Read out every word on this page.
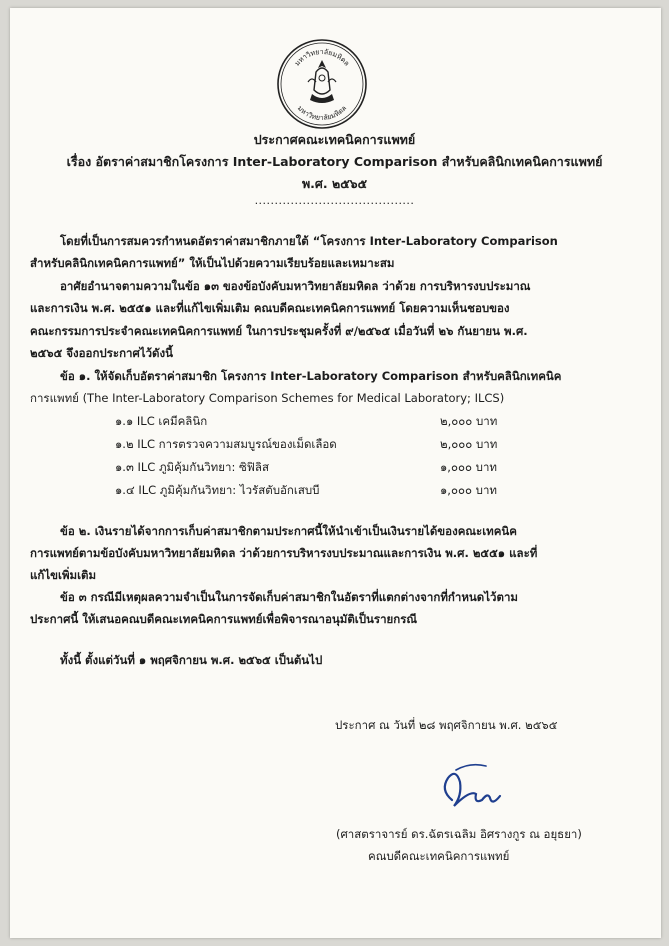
มหาวิทยาลัยมหิดล
มหาวิทยาลัยมหิดล
ประกาศคณะเทคนิคการแพทย์
เรื่อง อัตราค่าสมาชิกโครงการ Inter-Laboratory Comparison สำหรับคลินิกเทคนิคการแพทย์
พ.ศ. ๒๕๖๕
........................................
โดยที่เป็นการสมควรกำหนดอัตราค่าสมาชิกภายใต้ “โครงการ Inter-Laboratory Comparison
สำหรับคลินิกเทคนิคการแพทย์” ให้เป็นไปด้วยความเรียบร้อยและเหมาะสม
อาศัยอำนาจตามความในข้อ ๑๓ ของข้อบังคับมหาวิทยาลัยมหิดล ว่าด้วย การบริหารงบประมาณ
และการเงิน พ.ศ. ๒๕๕๑ และที่แก้ไขเพิ่มเติม คณบดีคณะเทคนิคการแพทย์ โดยความเห็นชอบของ
คณะกรรมการประจำคณะเทคนิคการแพทย์ ในการประชุมครั้งที่ ๙/๒๕๖๕ เมื่อวันที่ ๒๖ กันยายน พ.ศ.
๒๕๖๕ จึงออกประกาศไว้ดังนี้
ข้อ ๑. ให้จัดเก็บอัตราค่าสมาชิก โครงการ Inter-Laboratory Comparison สำหรับคลินิกเทคนิค
การแพทย์ (The Inter-Laboratory Comparison Schemes for Medical Laboratory; ILCS)
๑.๑ ILC เคมีคลินิก	๒,๐๐๐ บาท
๑.๒ ILC การตรวจความสมบูรณ์ของเม็ดเลือด	๒,๐๐๐ บาท
๑.๓ ILC ภูมิคุ้มกันวิทยา: ซิฟิลิส	๑,๐๐๐ บาท
๑.๔ ILC ภูมิคุ้มกันวิทยา: ไวรัสตับอักเสบบี	๑,๐๐๐ บาท
ข้อ ๒. เงินรายได้จากการเก็บค่าสมาชิกตามประกาศนี้ให้นำเข้าเป็นเงินรายได้ของคณะเทคนิค
การแพทย์ตามข้อบังคับมหาวิทยาลัยมหิดล ว่าด้วยการบริหารงบประมาณและการเงิน พ.ศ. ๒๕๕๑ และที่
แก้ไขเพิ่มเติม
ข้อ ๓ กรณีมีเหตุผลความจำเป็นในการจัดเก็บค่าสมาชิกในอัตราที่แตกต่างจากที่กำหนดไว้ตาม
ประกาศนี้ ให้เสนอคณบดีคณะเทคนิคการแพทย์เพื่อพิจารณาอนุมัติเป็นรายกรณี
ทั้งนี้ ตั้งแต่วันที่ ๑ พฤศจิกายน พ.ศ. ๒๕๖๕ เป็นต้นไป
ประกาศ ณ วันที่ ๒๘ พฤศจิกายน พ.ศ. ๒๕๖๕
(ศาสตราจารย์ ดร.ฉัตรเฉลิม อิศรางกูร ณ อยุธยา)
คณบดีคณะเทคนิคการแพทย์
